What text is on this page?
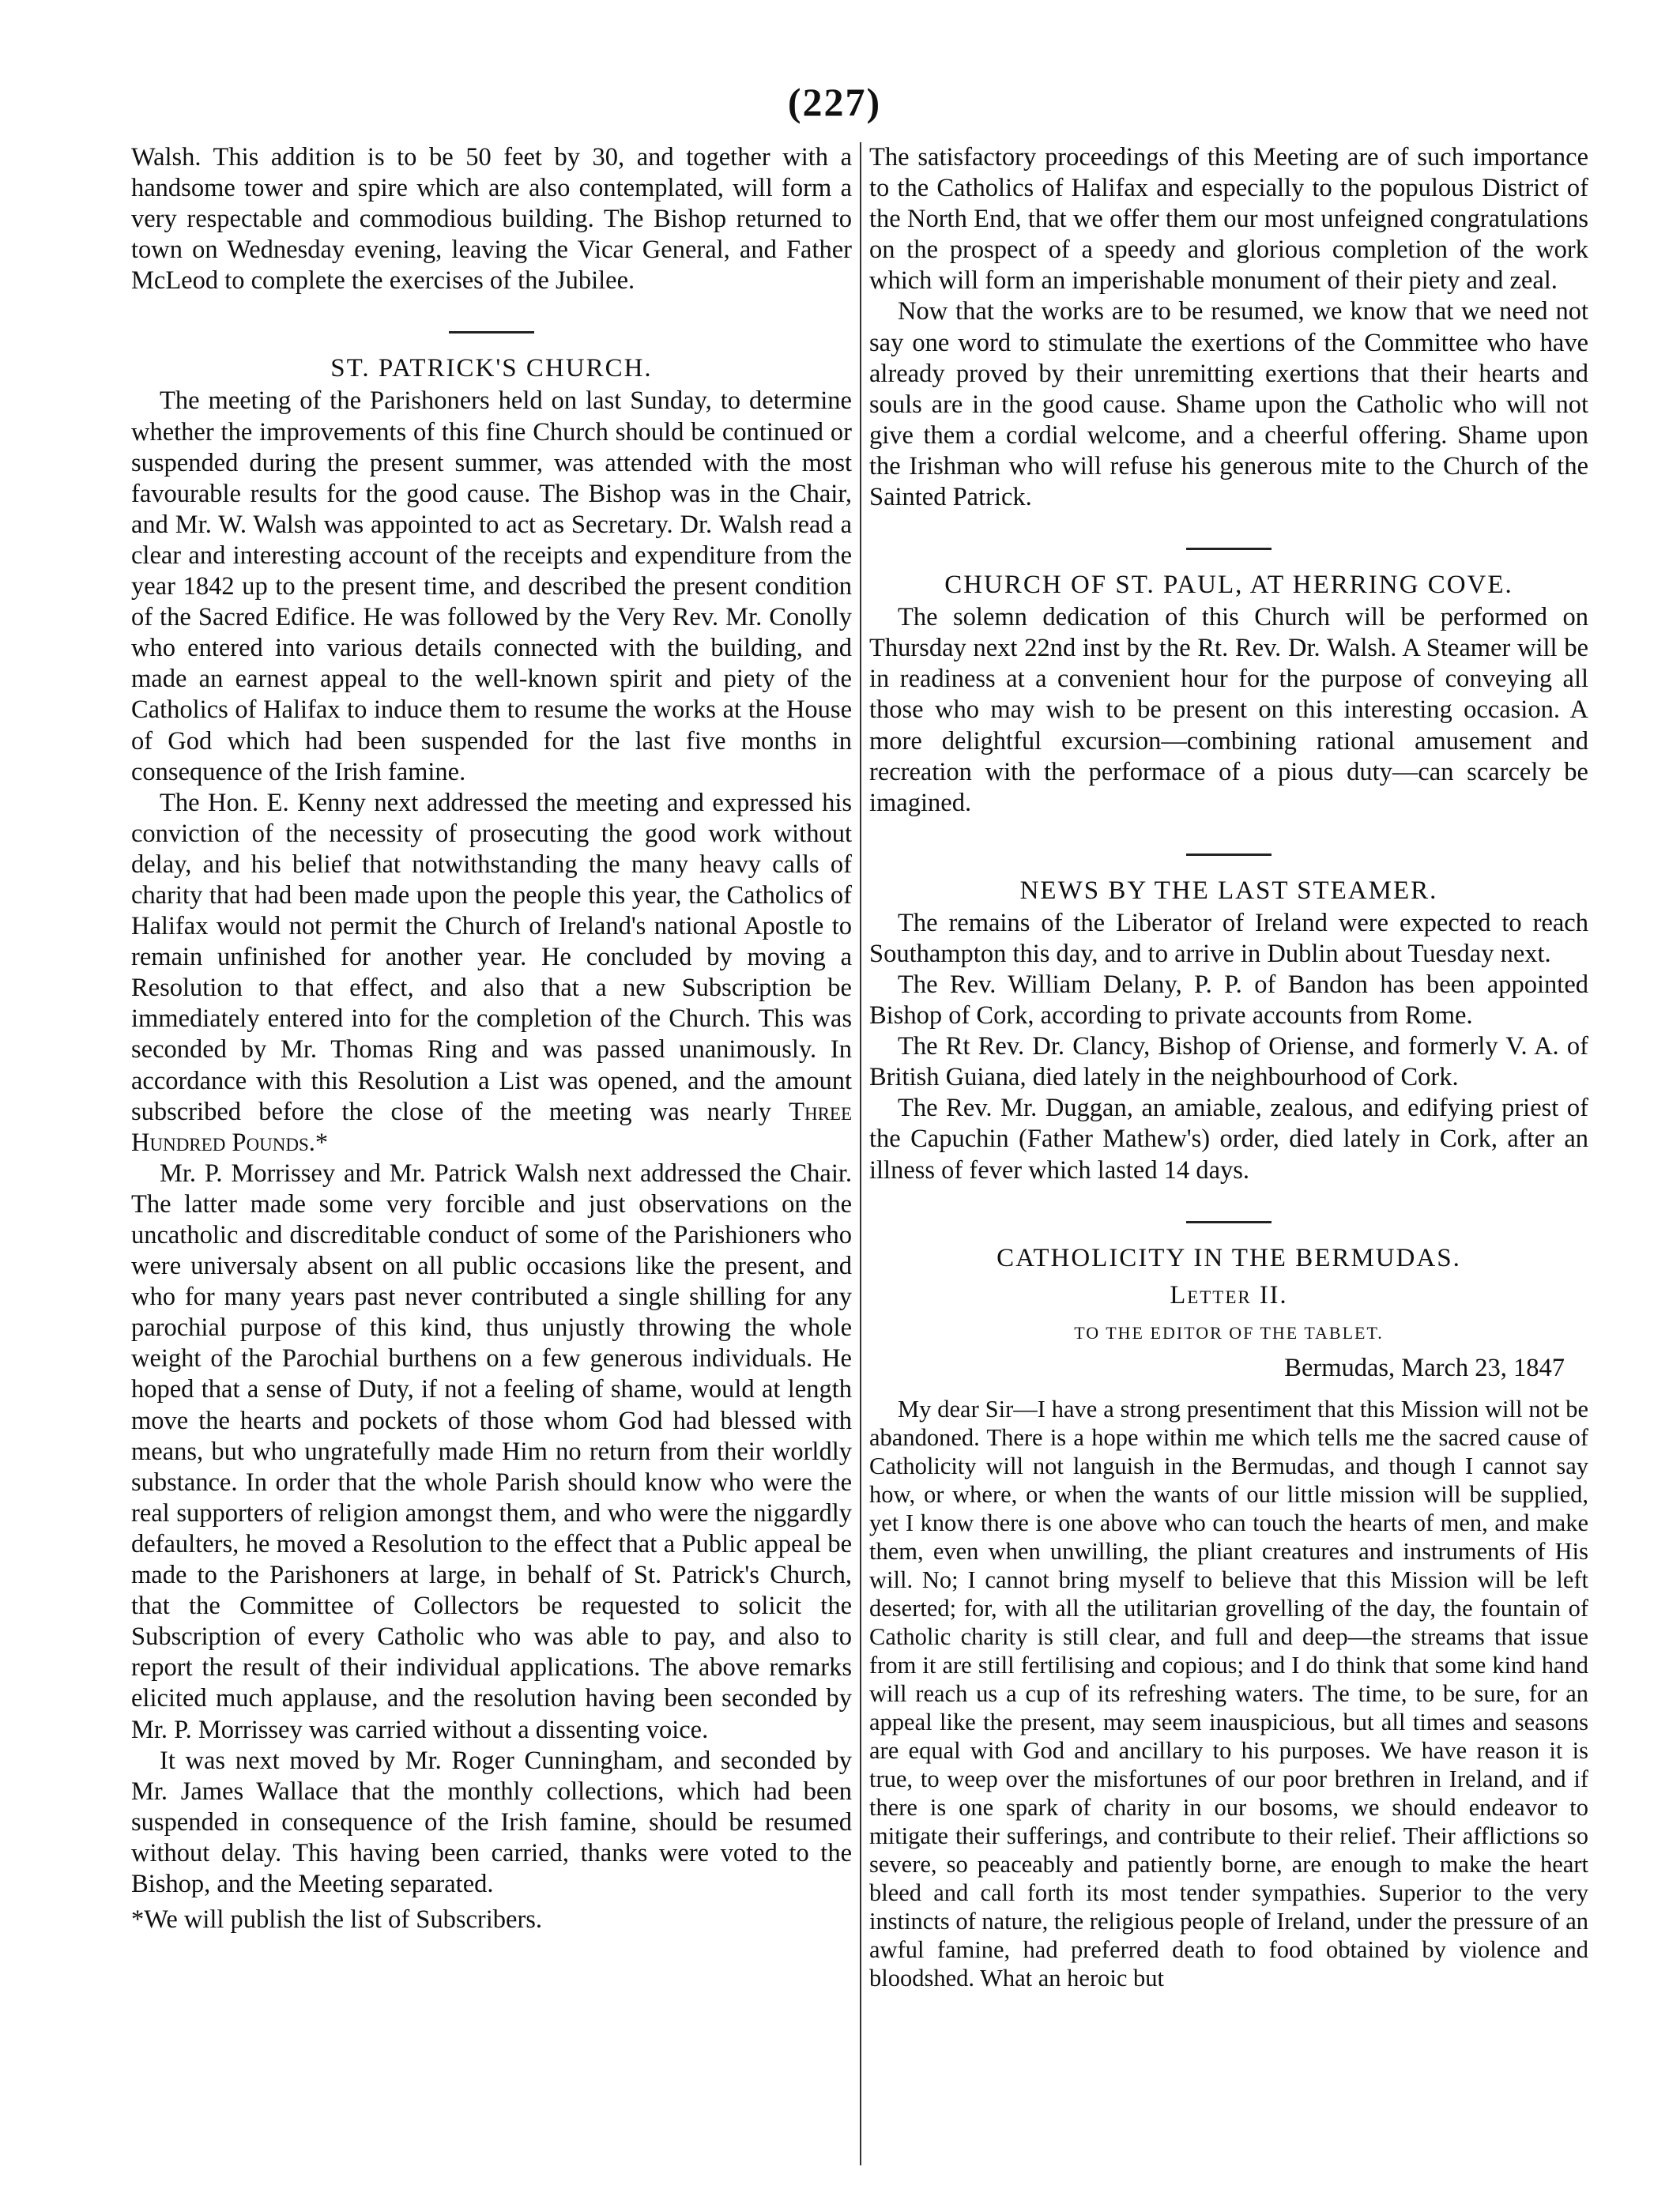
(227)

Walsh. This addition is to be 50 feet by 30, and together with a handsome tower and spire which are also contemplated, will form a very respectable and commodious building. The Bishop returned to town on Wednesday evening, leaving the Vicar General, and Father McLeod to complete the exercises of the Jubilee.

ST. PATRICK'S CHURCH.

The meeting of the Parishoners held on last Sunday, to determine whether the improvements of this fine Church should be continued or suspended during the present summer, was attended with the most favourable results for the good cause. The Bishop was in the Chair, and Mr. W. Walsh was appointed to act as Secretary. Dr. Walsh read a clear and interesting account of the receipts and expenditure from the year 1842 up to the present time, and described the present condition of the Sacred Edifice. He was followed by the Very Rev. Mr. Conolly who entered into various details connected with the building, and made an earnest appeal to the well-known spirit and piety of the Catholics of Halifax to induce them to resume the works at the House of God which had been suspended for the last five months in consequence of the Irish famine.

The Hon. E. Kenny next addressed the meeting and expressed his conviction of the necessity of prosecuting the good work without delay, and his belief that notwithstanding the many heavy calls of charity that had been made upon the people this year, the Catholics of Halifax would not permit the Church of Ireland's national Apostle to remain unfinished for another year. He concluded by moving a Resolution to that effect, and also that a new Subscription be immediately entered into for the completion of the Church. This was seconded by Mr. Thomas Ring and was passed unanimously. In accordance with this Resolution a List was opened, and the amount subscribed before the close of the meeting was nearly Three Hundred Pounds.*

Mr. P. Morrissey and Mr. Patrick Walsh next addressed the Chair. The latter made some very forcible and just observations on the uncatholic and discreditable conduct of some of the Parishioners who were universaly absent on all public occasions like the present, and who for many years past never contributed a single shilling for any parochial purpose of this kind, thus unjustly throwing the whole weight of the Parochial burthens on a few generous individuals. He hoped that a sense of Duty, if not a feeling of shame, would at length move the hearts and pockets of those whom God had blessed with means, but who ungratefully made Him no return from their worldly substance. In order that the whole Parish should know who were the real supporters of religion amongst them, and who were the niggardly defaulters, he moved a Resolution to the effect that a Public appeal be made to the Parishoners at large, in behalf of St. Patrick's Church, that the Committee of Collectors be requested to solicit the Subscription of every Catholic who was able to pay, and also to report the result of their individual applications. The above remarks elicited much applause, and the resolution having been seconded by Mr. P. Morrissey was carried without a dissenting voice.

It was next moved by Mr. Roger Cunningham, and seconded by Mr. James Wallace that the monthly collections, which had been suspended in consequence of the Irish famine, should be resumed without delay. This having been carried, thanks were voted to the Bishop, and the Meeting separated.

*We will publish the list of Subscribers.

The satisfactory proceedings of this Meeting are of such importance to the Catholics of Halifax and especially to the populous District of the North End, that we offer them our most unfeigned congratulations on the prospect of a speedy and glorious completion of the work which will form an imperishable monument of their piety and zeal.

Now that the works are to be resumed, we know that we need not say one word to stimulate the exertions of the Committee who have already proved by their unremitting exertions that their hearts and souls are in the good cause. Shame upon the Catholic who will not give them a cordial welcome, and a cheerful offering. Shame upon the Irishman who will refuse his generous mite to the Church of the Sainted Patrick.

CHURCH OF ST. PAUL, AT HERRING COVE.

The solemn dedication of this Church will be performed on Thursday next 22nd inst by the Rt. Rev. Dr. Walsh. A Steamer will be in readiness at a convenient hour for the purpose of conveying all those who may wish to be present on this interesting occasion. A more delightful excursion—combining rational amusement and recreation with the performace of a pious duty—can scarcely be imagined.

NEWS BY THE LAST STEAMER.

The remains of the Liberator of Ireland were expected to reach Southampton this day, and to arrive in Dublin about Tuesday next.

The Rev. William Delany, P. P. of Bandon has been appointed Bishop of Cork, according to private accounts from Rome.

The Rt Rev. Dr. Clancy, Bishop of Oriense, and formerly V. A. of British Guiana, died lately in the neighbourhood of Cork.

The Rev. Mr. Duggan, an amiable, zealous, and edifying priest of the Capuchin (Father Mathew's) order, died lately in Cork, after an illness of fever which lasted 14 days.

CATHOLICITY IN THE BERMUDAS.
Letter II.
TO THE EDITOR OF THE TABLET.
Bermudas, March 23, 1847

My dear Sir—I have a strong presentiment that this Mission will not be abandoned. There is a hope within me which tells me the sacred cause of Catholicity will not languish in the Bermudas, and though I cannot say how, or where, or when the wants of our little mission will be supplied, yet I know there is one above who can touch the hearts of men, and make them, even when unwilling, the pliant creatures and instruments of His will. No; I cannot bring myself to believe that this Mission will be left deserted; for, with all the utilitarian grovelling of the day, the fountain of Catholic charity is still clear, and full and deep—the streams that issue from it are still fertilising and copious; and I do think that some kind hand will reach us a cup of its refreshing waters. The time, to be sure, for an appeal like the present, may seem inauspicious, but all times and seasons are equal with God and ancillary to his purposes. We have reason it is true, to weep over the misfortunes of our poor brethren in Ireland, and if there is one spark of charity in our bosoms, we should endeavor to mitigate their sufferings, and contribute to their relief. Their afflictions so severe, so peaceably and patiently borne, are enough to make the heart bleed and call forth its most tender sympathies. Superior to the very instincts of nature, the religious people of Ireland, under the pressure of an awful famine, had preferred death to food obtained by violence and bloodshed. What an heroic but
